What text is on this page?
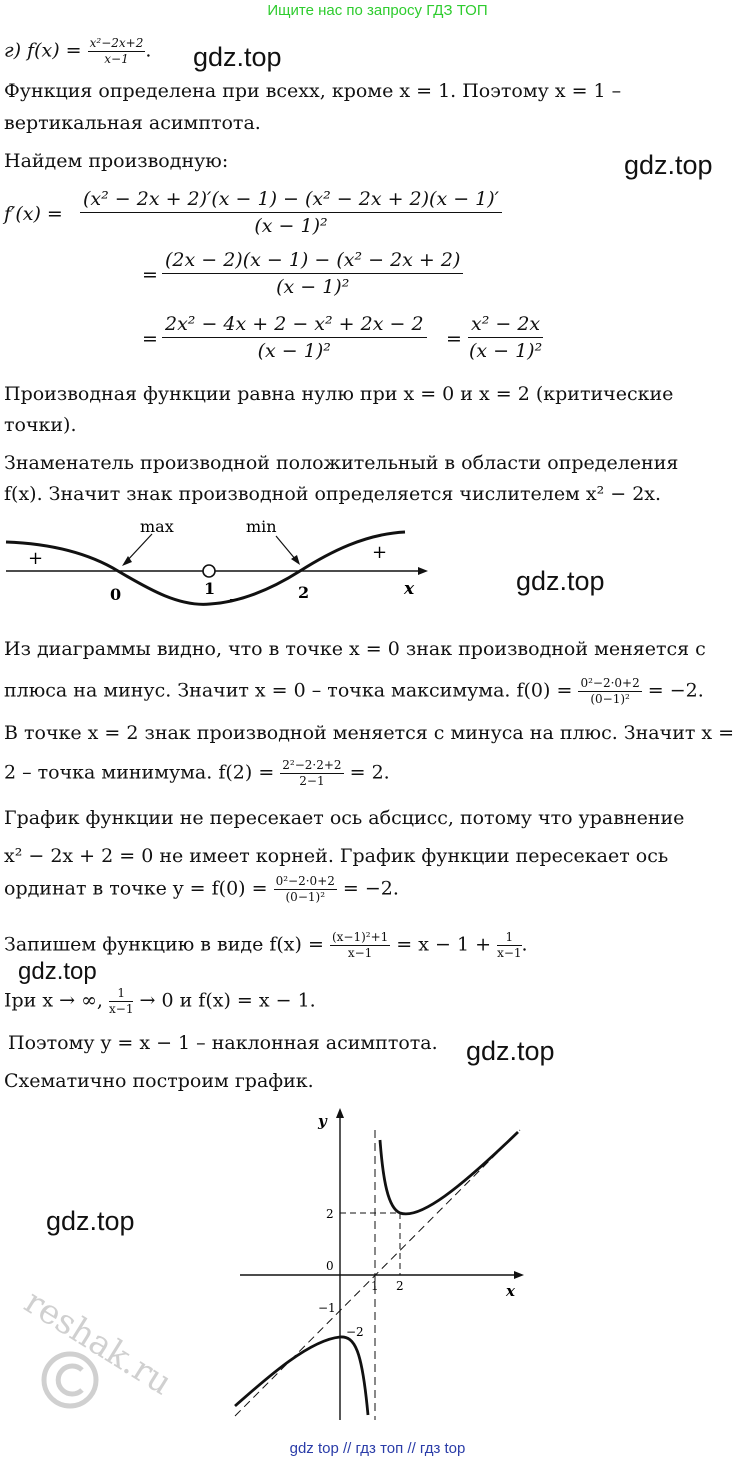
Ищите нас по запросу ГДЗ ТОП
г) $f(x) = \frac{\text{x²−2x+2}}{x-1}$ . gdz.top
Функция определена при всехx, кроме x = 1. Поэтому x = 1 –
вертикальная асимптота.
Найдем производную:	gdz.top
$f'(x) = \frac{\text{(x² − 2x + 2)′(x − 1) − (x² − 2x + 2)(x − 1)′}}{\text{(x − 1)²}}$
= $\frac{\text{(2x − 2)(x − 1) − (x² − 2x + 2)}}{\text{(x − 1)²}}$
= $\frac{\text{2x² − 4x + 2 − x² + 2x − 2}}{\text{(x − 1)²}} = \frac{\text{x² − 2x}}{\text{(x − 1)²}}$
Производная функции равна нулю при x = 0 и x = 2 (критические
точки).
Знаменатель производной положительный в области определения
f(x). Значит знак производной определяется числителем x² − 2x.
max	min
+	+
_
0	1	2	x	gdz.top
Из диаграммы видно, что в точке x = 0 знак производной меняется с
плюса на минус. Значит x = 0 – точка максимума. $f(0) = \frac{\text{0²−2·0+2}}{\text{(0−1)²}} = -2$.
В точке x = 2 знак производной меняется с минуса на плюс. Значит x =
2 – точка минимума. $f(2) = \frac{\text{2²−2·2+2}}{2-1} = 2$.
График функции не пересекает ось абсцисс, потому что уравнение
x² − 2x + 2 = 0 не имеет корней. График функции пересекает ось
ординат в точке $y = f(0) = \frac{\text{0²−2·0+2}}{\text{(0−1)²}} = -2$.
Запишем функцию в виде $f(x) = \frac{\text{(x−1)²+1}}{x-1} = x - 1 + \frac{1}{x-1}$ .
gdz.top
Iри x → ∞, $\frac{1}{x-1} \to 0$ и f(x) = x − 1.
Поэтому y = x − 1 – наклонная асимптота. gdz.top
Схематично построим график.
gdz.top
reshak.ru
y
x
0
1 2
2
−1
−2
gdz top // гдз топ // гдз top
